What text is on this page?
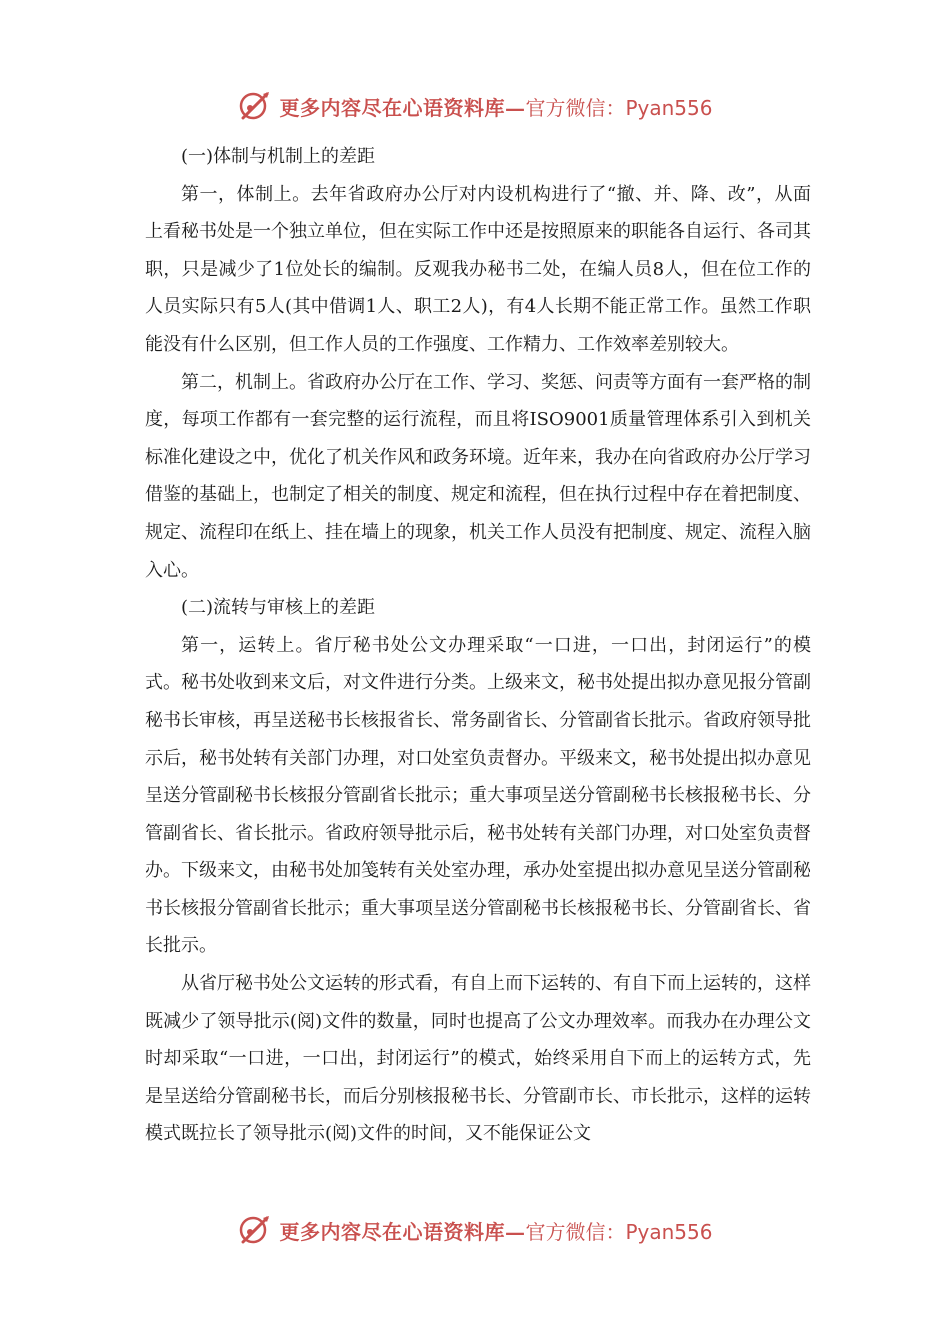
更多内容尽在心语资料库— 官方微信：Pyan556

(一)体制与机制上的差距

第一，体制上。去年省政府办公厅对内设机构进行了“撤、并、降、改”，从面上看秘书处是一个独立单位，但在实际工作中还是按照原来的职能各自运行、各司其职，只是减少了1位处长的编制。反观我办秘书二处，在编人员8人，但在位工作的人员实际只有5人(其中借调1人、职工2人)，有4人长期不能正常工作。虽然工作职能没有什么区别，但工作人员的工作强度、工作精力、工作效率差别较大。

第二，机制上。省政府办公厅在工作、学习、奖惩、问责等方面有一套严格的制度，每项工作都有一套完整的运行流程，而且将ISO9001质量管理体系引入到机关标准化建设之中，优化了机关作风和政务环境。近年来，我办在向省政府办公厅学习借鉴的基础上，也制定了相关的制度、规定和流程，但在执行过程中存在着把制度、规定、流程印在纸上、挂在墙上的现象，机关工作人员没有把制度、规定、流程入脑入心。

(二)流转与审核上的差距

第一，运转上。省厅秘书处公文办理采取“一口进，一口出，封闭运行”的模式。秘书处收到来文后，对文件进行分类。上级来文，秘书处提出拟办意见报分管副秘书长审核，再呈送秘书长核报省长、常务副省长、分管副省长批示。省政府领导批示后，秘书处转有关部门办理，对口处室负责督办。平级来文，秘书处提出拟办意见呈送分管副秘书长核报分管副省长批示；重大事项呈送分管副秘书长核报秘书长、分管副省长、省长批示。省政府领导批示后，秘书处转有关部门办理，对口处室负责督办。下级来文，由秘书处加笺转有关处室办理，承办处室提出拟办意见呈送分管副秘书长核报分管副省长批示；重大事项呈送分管副秘书长核报秘书长、分管副省长、省长批示。

从省厅秘书处公文运转的形式看，有自上而下运转的、有自下而上运转的，这样既减少了领导批示(阅)文件的数量，同时也提高了公文办理效率。而我办在办理公文时却采取“一口进，一口出，封闭运行”的模式，始终采用自下而上的运转方式，先是呈送给分管副秘书长，而后分别核报秘书长、分管副市长、市长批示，这样的运转模式既拉长了领导批示(阅)文件的时间，又不能保证公文

更多内容尽在心语资料库— 官方微信：Pyan556
